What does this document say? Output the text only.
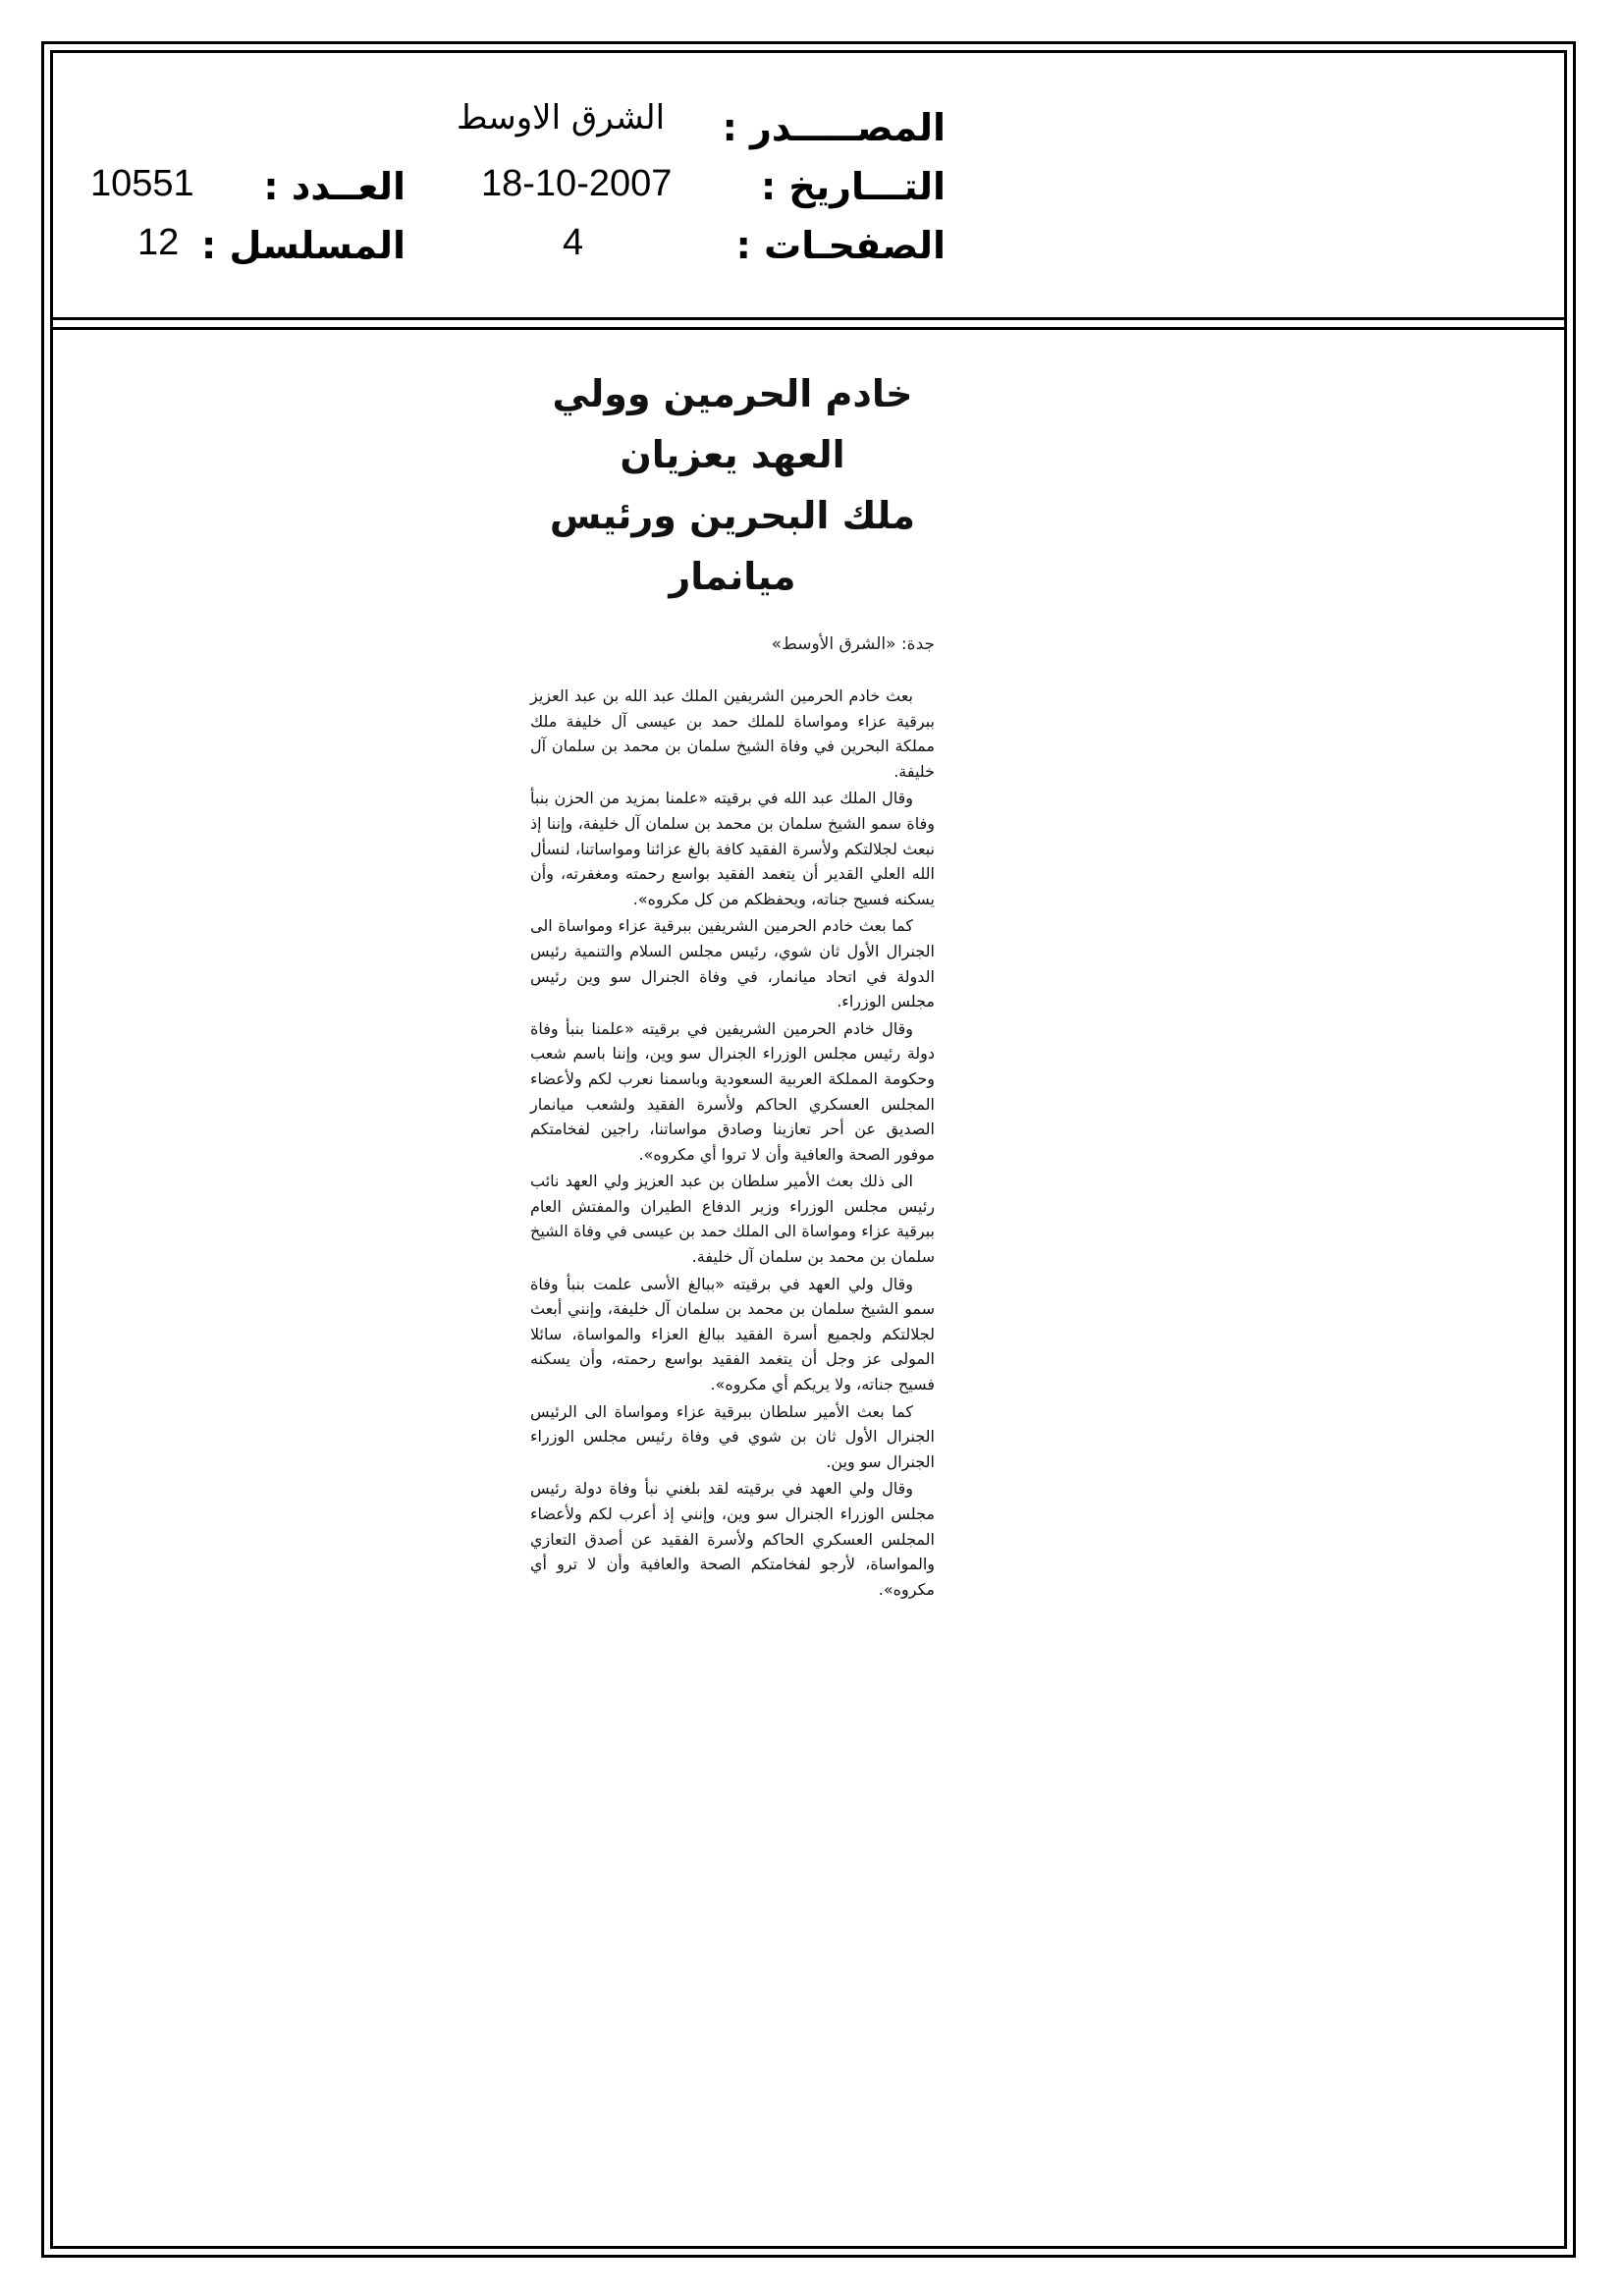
المصـــــدر :
التـــاريخ :
الصفحـات :
الشرق الاوسط
18-10-2007
4
العــدد :
المسلسل :
10551
12
خادم الحرمين وولي العهد يعزيان
ملك البحرين ورئيس ميانمار
جدة: «الشرق الأوسط»

بعث خادم الحرمين الشريفين الملك عبد الله بن عبد العزيز ببرقية عزاء ومواساة للملك حمد بن عيسى آل خليفة ملك مملكة البحرين في وفاة الشيخ سلمان بن محمد بن سلمان آل خليفة.

وقال الملك عبد الله في برقيته «علمنا بمزيد من الحزن بنبأ وفاة سمو الشيخ سلمان بن محمد بن سلمان آل خليفة، وإننا إذ نبعث لجلالتكم ولأسرة الفقيد كافة بالغ عزائنا ومواساتنا، لنسأل الله العلي القدير أن يتغمد الفقيد بواسع رحمته ومغفرته، وأن يسكنه فسيح جناته، ويحفظكم من كل مكروه».

كما بعث خادم الحرمين الشريفين ببرقية عزاء ومواساة الى الجنرال الأول ثان شوي، رئيس مجلس السلام والتنمية رئيس الدولة في اتحاد ميانمار، في وفاة الجنرال سو وين رئيس مجلس الوزراء.

وقال خادم الحرمين الشريفين في برقيته «علمنا بنبأ وفاة دولة رئيس مجلس الوزراء الجنرال سو وين، وإننا باسم شعب وحكومة المملكة العربية السعودية وباسمنا نعرب لكم ولأعضاء المجلس العسكري الحاكم ولأسرة الفقيد ولشعب ميانمار الصديق عن أحر تعازينا وصادق مواساتنا، راجين لفخامتكم موفور الصحة والعافية وأن لا تروا أي مكروه».

الى ذلك بعث الأمير سلطان بن عبد العزيز ولي العهد نائب رئيس مجلس الوزراء وزير الدفاع الطيران والمفتش العام ببرقية عزاء ومواساة الى الملك حمد بن عيسى في وفاة الشيخ سلمان بن محمد بن سلمان آل خليفة.

وقال ولي العهد في برقيته «ببالغ الأسى علمت بنبأ وفاة سمو الشيخ سلمان بن محمد بن سلمان آل خليفة، وإنني أبعث لجلالتكم ولجميع أسرة الفقيد ببالغ العزاء والمواساة، سائلا المولى عز وجل أن يتغمد الفقيد بواسع رحمته، وأن يسكنه فسيح جناته، ولا يريكم أي مكروه».

كما بعث الأمير سلطان ببرقية عزاء ومواساة الى الرئيس الجنرال الأول ثان بن شوي في وفاة رئيس مجلس الوزراء الجنرال سو وين.

وقال ولي العهد في برقيته لقد بلغني نبأ وفاة دولة رئيس مجلس الوزراء الجنرال سو وين، وإنني إذ أعرب لكم ولأعضاء المجلس العسكري الحاكم ولأسرة الفقيد عن أصدق التعازي والمواساة، لأرجو لفخامتكم الصحة والعافية وأن لا ترو أي مكروه».
